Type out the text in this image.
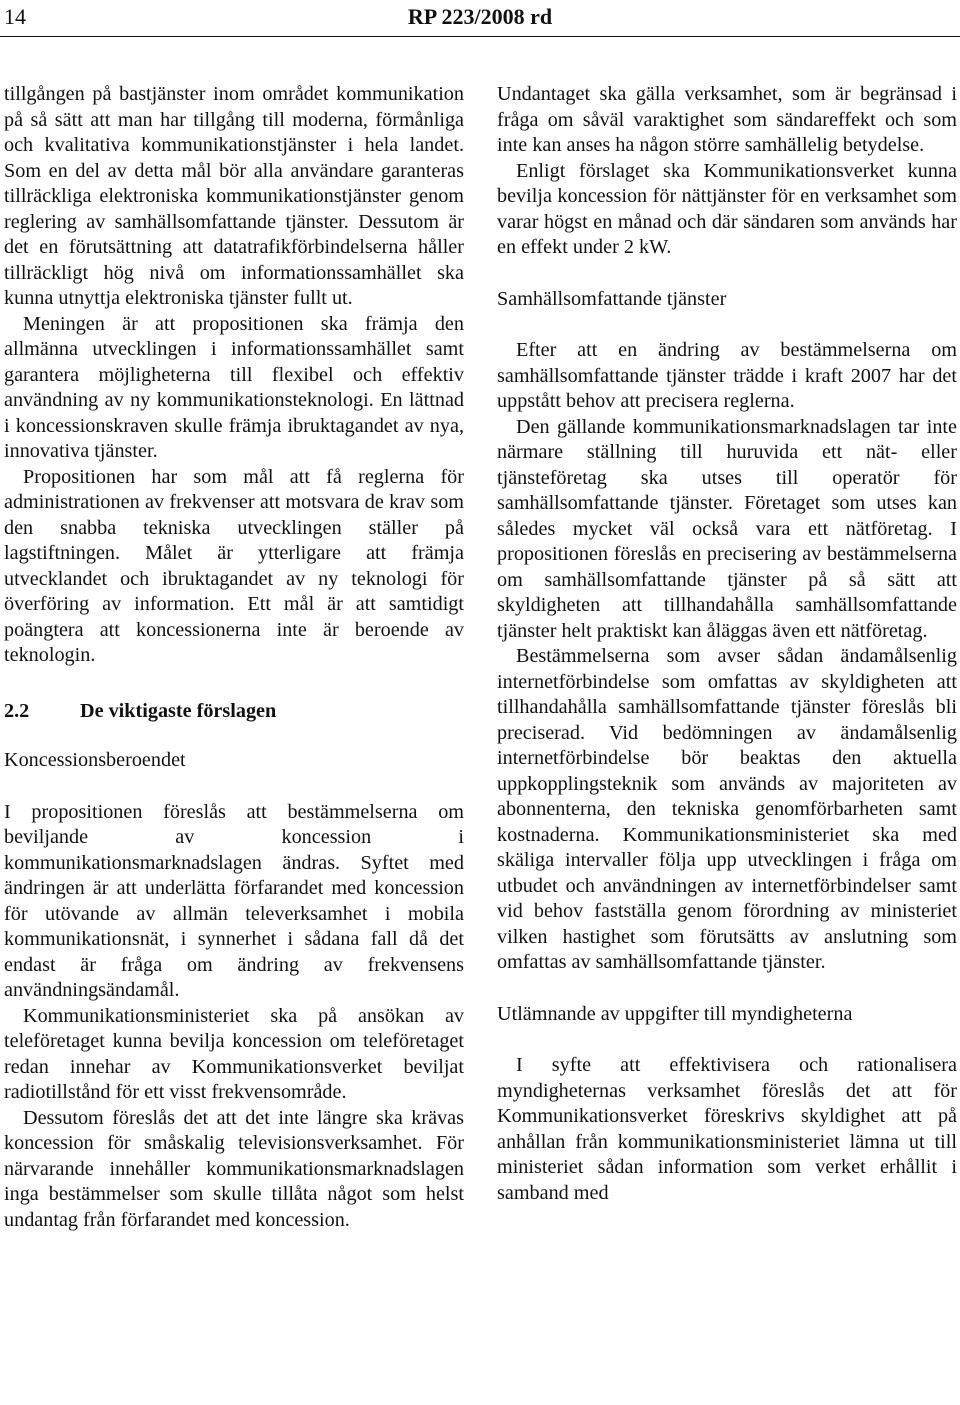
14	RP 223/2008 rd

tillgången på bastjänster inom området kommunikation på så sätt att man har tillgång till moderna, förmånliga och kvalitativa kommunikationstjänster i hela landet. Som en del av detta mål bör alla användare garanteras tillräckliga elektroniska kommunikationstjänster genom reglering av samhällsomfattande tjänster. Dessutom är det en förutsättning att datatrafikförbindelserna håller tillräckligt hög nivå om informationssamhället ska kunna utnyttja elektroniska tjänster fullt ut.

Meningen är att propositionen ska främja den allmänna utvecklingen i informationssamhället samt garantera möjligheterna till flexibel och effektiv användning av ny kommunikationsteknologi. En lättnad i koncessionskraven skulle främja ibruktagandet av nya, innovativa tjänster.

Propositionen har som mål att få reglerna för administrationen av frekvenser att motsvara de krav som den snabba tekniska utvecklingen ställer på lagstiftningen. Målet är ytterligare att främja utvecklandet och ibruktagandet av ny teknologi för överföring av information. Ett mål är att samtidigt poängtera att koncessionerna inte är beroende av teknologin.

2.2	De viktigaste förslagen

Koncessionsberoendet

I propositionen föreslås att bestämmelserna om beviljande av koncession i kommunikationsmarknadslagen ändras. Syftet med ändringen är att underlätta förfarandet med koncession för utövande av allmän televerksamhet i mobila kommunikationsnät, i synnerhet i sådana fall då det endast är fråga om ändring av frekvensens användningsändamål.

Kommunikationsministeriet ska på ansökan av teleföretaget kunna bevilja koncession om teleföretaget redan innehar av Kommunikationsverket beviljat radiotillstånd för ett visst frekvensområde.

Dessutom föreslås det att det inte längre ska krävas koncession för småskalig televisionsverksamhet. För närvarande innehåller kommunikationsmarknadslagen inga bestämmelser som skulle tillåta något som helst undantag från förfarandet med koncession.

Undantaget ska gälla verksamhet, som är begränsad i fråga om såväl varaktighet som sändareffekt och som inte kan anses ha någon större samhällelig betydelse.

Enligt förslaget ska Kommunikationsverket kunna bevilja koncession för nättjänster för en verksamhet som varar högst en månad och där sändaren som används har en effekt under 2 kW.

Samhällsomfattande tjänster

Efter att en ändring av bestämmelserna om samhällsomfattande tjänster trädde i kraft 2007 har det uppstått behov att precisera reglerna.

Den gällande kommunikationsmarknadslagen tar inte närmare ställning till huruvida ett nät- eller tjänsteföretag ska utses till operatör för samhällsomfattande tjänster. Företaget som utses kan således mycket väl också vara ett nätföretag. I propositionen föreslås en precisering av bestämmelserna om samhällsomfattande tjänster på så sätt att skyldigheten att tillhandahålla samhällsomfattande tjänster helt praktiskt kan åläggas även ett nätföretag.

Bestämmelserna som avser sådan ändamålsenlig internetförbindelse som omfattas av skyldigheten att tillhandahålla samhällsomfattande tjänster föreslås bli preciserad. Vid bedömningen av ändamålsenlig internetförbindelse bör beaktas den aktuella uppkopplingsteknik som används av majoriteten av abonnenterna, den tekniska genomförbarheten samt kostnaderna. Kommunikationsministeriet ska med skäliga intervaller följa upp utvecklingen i fråga om utbudet och användningen av internetförbindelser samt vid behov fastställa genom förordning av ministeriet vilken hastighet som förutsätts av anslutning som omfattas av samhällsomfattande tjänster.

Utlämnande av uppgifter till myndigheterna

I syfte att effektivisera och rationalisera myndigheternas verksamhet föreslås det att för Kommunikationsverket föreskrivs skyldighet att på anhållan från kommunikationsministeriet lämna ut till ministeriet sådan information som verket erhållit i samband med
